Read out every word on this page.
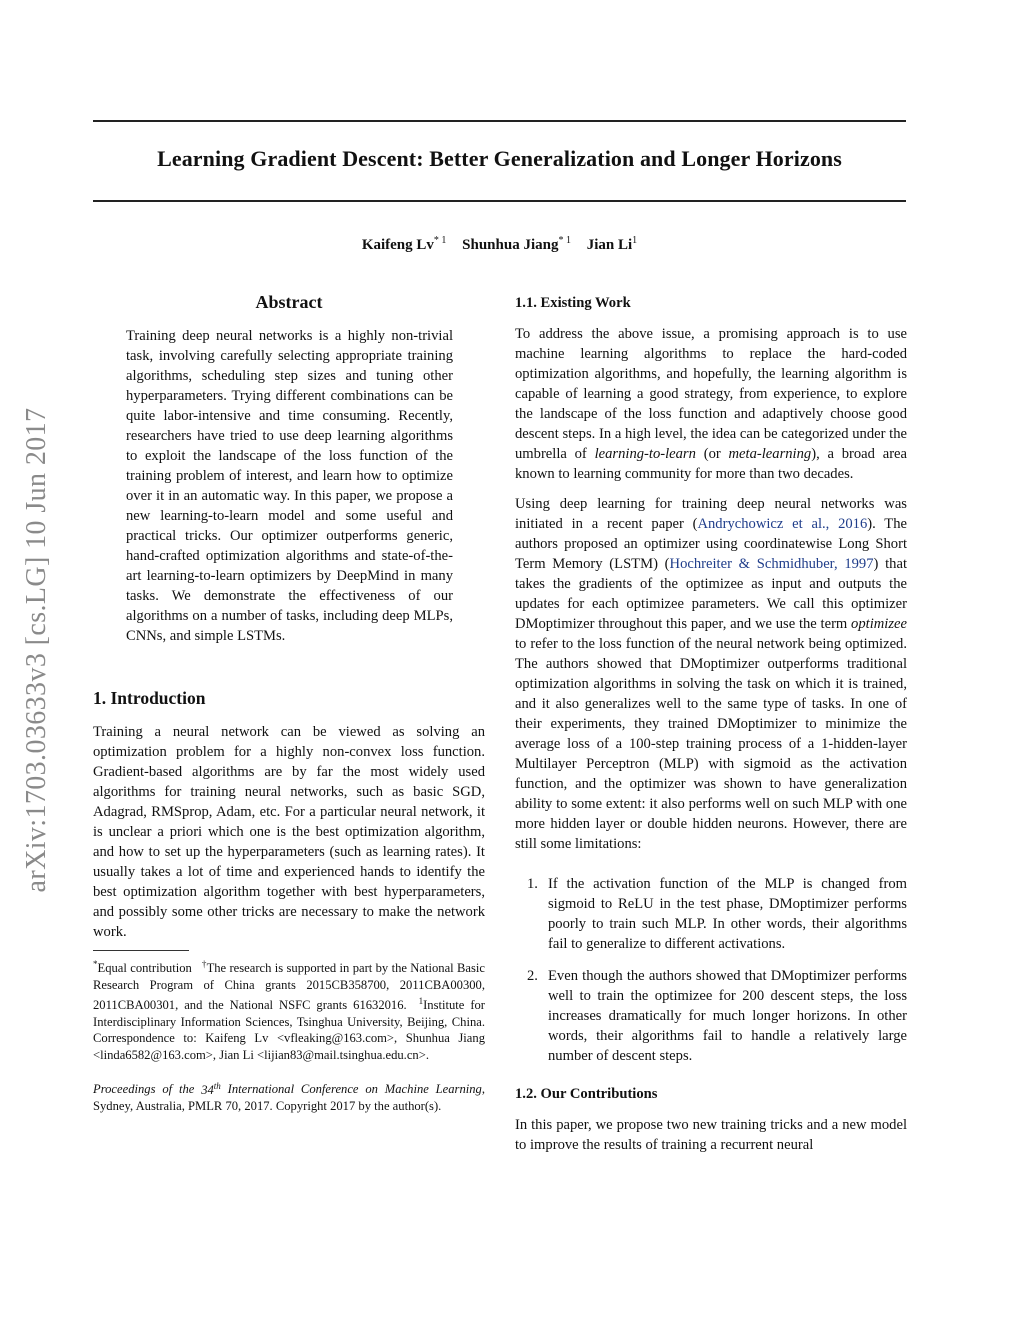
Learning Gradient Descent: Better Generalization and Longer Horizons
Kaifeng Lv$^{* 1}$ Shunhua Jiang$^{* 1}$ Jian Li$^1$
arXiv:1703.03633v3 [cs.LG] 10 Jun 2017
Abstract

Training deep neural networks is a highly non-trivial task, involving carefully selecting appropriate training algorithms, scheduling step sizes and tuning other hyperparameters. Trying different combinations can be quite labor-intensive and time consuming. Recently, researchers have tried to use deep learning algorithms to exploit the landscape of the loss function of the training problem of interest, and learn how to optimize over it in an automatic way. In this paper, we propose a new learning-to-learn model and some useful and practical tricks. Our optimizer outperforms generic, hand-crafted optimization algorithms and state-of-the-art learning-to-learn optimizers by DeepMind in many tasks. We demonstrate the effectiveness of our algorithms on a number of tasks, including deep MLPs, CNNs, and simple LSTMs.

1. Introduction

Training a neural network can be viewed as solving an optimization problem for a highly non-convex loss function. Gradient-based algorithms are by far the most widely used algorithms for training neural networks, such as basic SGD, Adagrad, RMSprop, Adam, etc. For a particular neural network, it is unclear a priori which one is the best optimization algorithm, and how to set up the hyperparameters (such as learning rates). It usually takes a lot of time and experienced hands to identify the best optimization algorithm together with best hyperparameters, and possibly some other tricks are necessary to make the network work.

*Equal contribution †The research is supported in part by the National Basic Research Program of China grants 2015CB358700, 2011CBA00300, 2011CBA00301, and the National NSFC grants 61632016. $^1$Institute for Interdisciplinary Information Sciences, Tsinghua University, Beijing, China. Correspondence to: Kaifeng Lv <vfleaking@163.com>, Shunhua Jiang <linda6582@163.com>, Jian Li <lijian83@mail.tsinghua.edu.cn>.

Proceedings of the 34th International Conference on Machine Learning, Sydney, Australia, PMLR 70, 2017. Copyright 2017 by the author(s).

1.1. Existing Work

To address the above issue, a promising approach is to use machine learning algorithms to replace the hard-coded optimization algorithms, and hopefully, the learning algorithm is capable of learning a good strategy, from experience, to explore the landscape of the loss function and adaptively choose good descent steps. In a high level, the idea can be categorized under the umbrella of learning-to-learn (or meta-learning), a broad area known to learning community for more than two decades.

Using deep learning for training deep neural networks was initiated in a recent paper (Andrychowicz et al., 2016). The authors proposed an optimizer using coordinatewise Long Short Term Memory (LSTM) (Hochreiter & Schmidhuber, 1997) that takes the gradients of the optimizee as input and outputs the updates for each optimizee parameters. We call this optimizer DMoptimizer throughout this paper, and we use the term optimizee to refer to the loss function of the neural network being optimized. The authors showed that DMoptimizer outperforms traditional optimization algorithms in solving the task on which it is trained, and it also generalizes well to the same type of tasks. In one of their experiments, they trained DMoptimizer to minimize the average loss of a 100-step training process of a 1-hidden-layer Multilayer Perceptron (MLP) with sigmoid as the activation function, and the optimizer was shown to have generalization ability to some extent: it also performs well on such MLP with one more hidden layer or double hidden neurons. However, there are still some limitations:

1. If the activation function of the MLP is changed from sigmoid to ReLU in the test phase, DMoptimizer performs poorly to train such MLP. In other words, their algorithms fail to generalize to different activations.

2. Even though the authors showed that DMoptimizer performs well to train the optimizee for 200 descent steps, the loss increases dramatically for much longer horizons. In other words, their algorithms fail to handle a relatively large number of descent steps.

1.2. Our Contributions

In this paper, we propose two new training tricks and a new model to improve the results of training a recurrent neural
